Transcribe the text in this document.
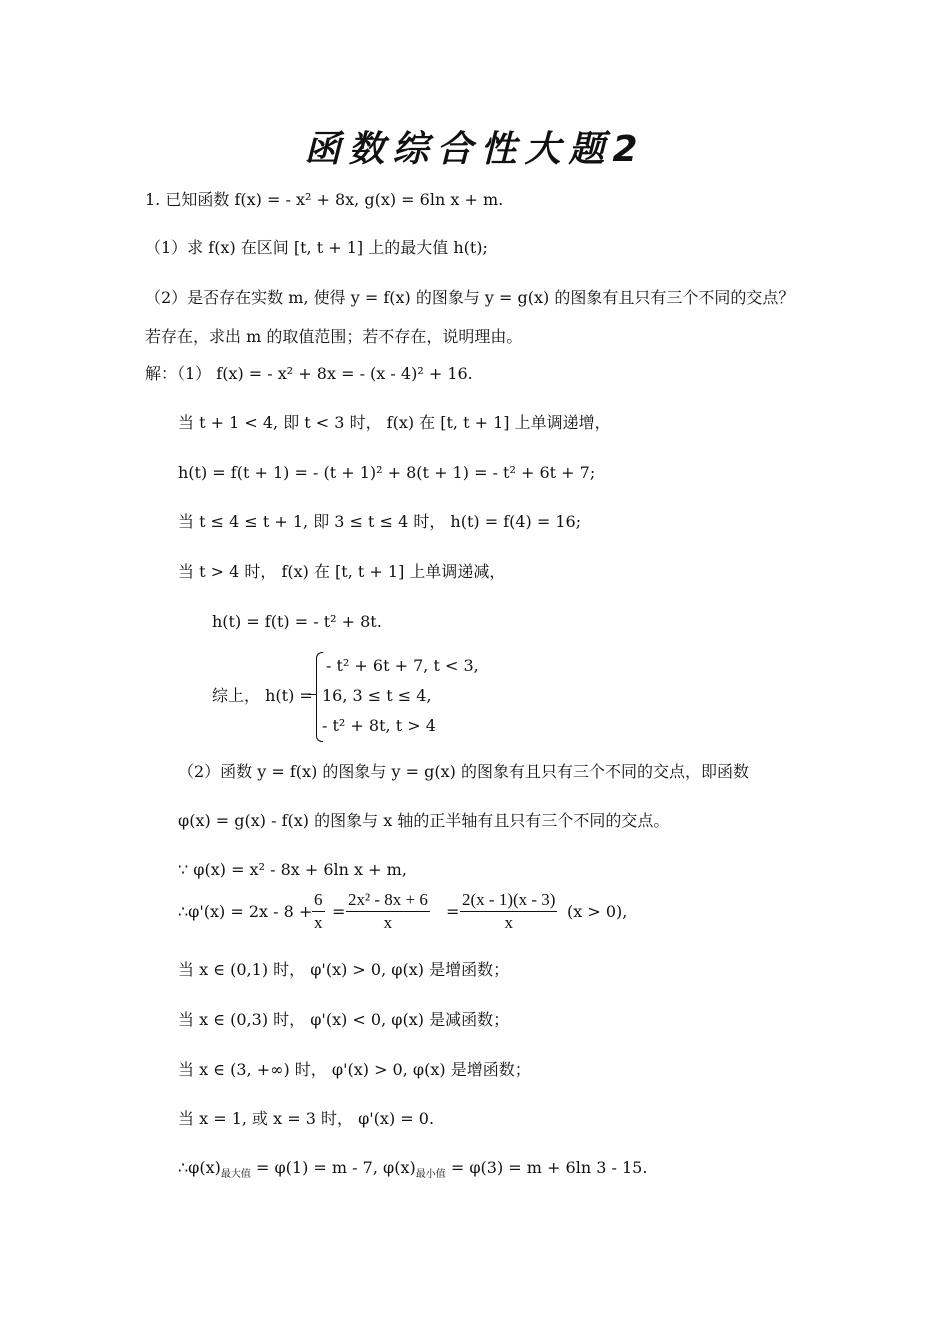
函数综合性大题2
1. 已知函数 f(x) = - x² + 8x, g(x) = 6ln x + m.
（1）求 f(x) 在区间 [t, t + 1] 上的最大值 h(t);
（2）是否存在实数 m, 使得 y = f(x) 的图象与 y = g(x) 的图象有且只有三个不同的交点？
若存在，求出 m 的取值范围；若不存在，说明理由。
解：（1） f(x) = - x² + 8x = - (x - 4)² + 16.
当 t + 1 < 4, 即 t < 3 时， f(x) 在 [t, t + 1] 上单调递增，
h(t) = f(t + 1) = - (t + 1)² + 8(t + 1) = - t² + 6t + 7;
当 t ≤ 4 ≤ t + 1, 即 3 ≤ t ≤ 4 时， h(t) = f(4) = 16;
当 t > 4 时， f(x) 在 [t, t + 1] 上单调递减，
h(t) = f(t) = - t² + 8t.
- t² + 6t + 7, t < 3,
16, 3 ≤ t ≤ 4,
- t² + 8t, t > 4
综上， h(t) =
（2）函数 y = f(x) 的图象与 y = g(x) 的图象有且只有三个不同的交点，即函数
φ(x) = g(x) - f(x) 的图象与 x 轴的正半轴有且只有三个不同的交点。
∵ φ(x) = x² - 8x + 6ln x + m,
∴φ'(x) = $2x - 8 + \frac{6}{x} = \frac{\text{2x² - 8x + 6}}{x} = \frac{2(x - 1)(x - 3)}{x} (x > 0)$,
当 x ∈ (0,1) 时， φ'(x) > 0, φ(x) 是增函数；
当 x ∈ (0,3) 时， φ'(x) < 0, φ(x) 是减函数；
当 x ∈ (3, +∞) 时， φ'(x) > 0, φ(x) 是增函数；
当 x = 1, 或 x = 3 时， φ'(x) = 0.
$\therefore\varphi(x)_{最大值} = \varphi(1) = m - 7$, $\varphi(x)_{最小值} = \varphi(3) = m + 6\ln$ 3 - 15.
